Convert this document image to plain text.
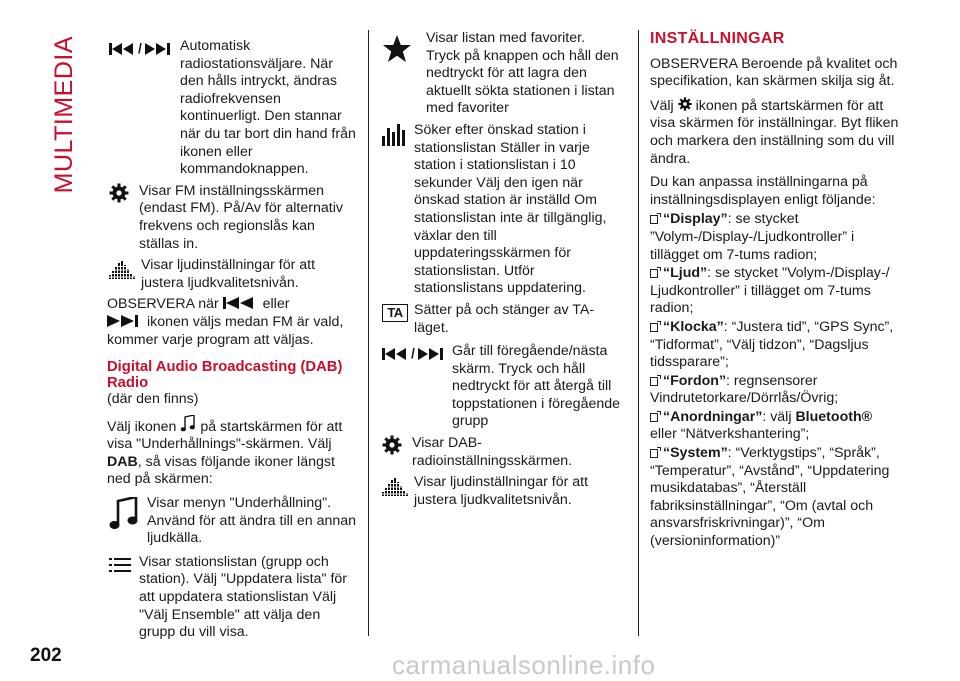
MULTIMEDIA	/	Automatisk radiostationsväljare. När den hålls intryckt, ändras radiofrekvensen kontinuerligt. Den stannar när du tar bort din hand från ikonen eller kommandoknappen.
Visar FM inställningsskärmen (endast FM). På/Av för alternativ frekvens och regionslås kan ställas in.
Visar ljudinställningar för att justera ljudkvalitetsnivån.
OBSERVERA när	eller
ikonen väljs medan FM är vald, kommer varje program att väljas.
Digital Audio Broadcasting (DAB) Radio
(där den finns)
Välj ikonen på startskärmen för att visa "Underhållnings"-skärmen. Välj DAB, så visas följande ikoner längst ned på skärmen:
Visar menyn "Underhållning". Använd för att ändra till en annan ljudkälla.
Visar stationslistan (grupp och station). Välj "Uppdatera lista" för att uppdatera stationslistan Välj "Välj Ensemble" att välja den grupp du vill visa.
Visar listan med favoriter. Tryck på knappen och håll den nedtryckt för att lagra den aktuellt sökta stationen i listan med favoriter
Söker efter önskad station i stationslistan Ställer in varje station i stationslistan i 10 sekunder Välj den igen när önskad station är inställd Om stationslistan inte är tillgänglig, växlar den till uppdateringsskärmen för stationslistan. Utför stationslistans uppdatering.
TA Sätter på och stänger av TA-läget.
/	Går till föregående/nästa skärm. Tryck och håll nedtryckt för att återgå till toppstationen i föregående grupp
Visar DAB-radioinställningsskärmen.
Visar ljudinställningar för att justera ljudkvalitetsnivån.
INSTÄLLNINGAR

OBSERVERA Beroende på kvalitet och specifikation, kan skärmen skilja sig åt.

Välj ikonen på startskärmen för att visa skärmen för inställningar. Byt fliken och markera den inställning som du vill ändra.

Du kan anpassa inställningarna på inställningsdisplayen enligt följande:

“Display”: se stycket ”Volym-/Display-/Ljudkontroller” i tillägget om 7-tums radion;
“Ljud”: se stycket "Volym-/Display-/ Ljudkontroller” i tillägget om 7-tums radion;
“Klocka”: “Justera tid”, “GPS Sync”, “Tidformat”, “Välj tidzon”, “Dagsljus tidssparare”;
“Fordon”: regnsensorer Vindrutetorkare/Dörrlås/Övrig;
“Anordningar”: välj Bluetooth® eller “Nätverkshantering”;
“System”: “Verktygstips”, “Språk”, “Temperatur”, “Avstånd”, “Uppdatering musikdatabas”, “Återställ fabriksinställningar”, “Om (avtal och ansvarsfriskrivningar)”, “Om (versioninformation)”
202	carmanualsonline.info
